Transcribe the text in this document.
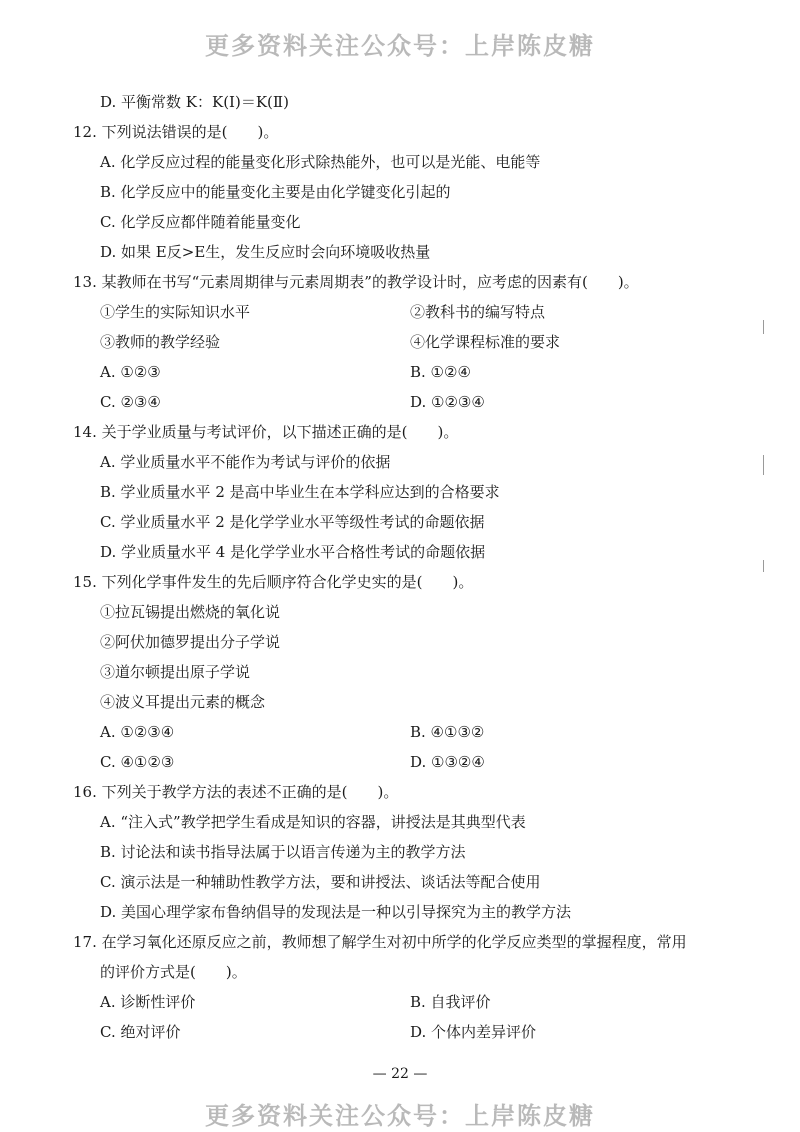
更多资料关注公众号：上岸陈皮糖
D. 平衡常数 K：K(Ⅰ)＝K(Ⅱ)
12. 下列说法错误的是(　　)。
A. 化学反应过程的能量变化形式除热能外，也可以是光能、电能等
B. 化学反应中的能量变化主要是由化学键变化引起的
C. 化学反应都伴随着能量变化
D. 如果 E反>E生，发生反应时会向环境吸收热量
13. 某教师在书写“元素周期律与元素周期表”的教学设计时，应考虑的因素有(　　)。
①学生的实际知识水平	②教科书的编写特点
③教师的教学经验	④化学课程标准的要求
A. ①②③	B. ①②④
C. ②③④	D. ①②③④
14. 关于学业质量与考试评价，以下描述正确的是(　　)。
A. 学业质量水平不能作为考试与评价的依据
B. 学业质量水平 2 是高中毕业生在本学科应达到的合格要求
C. 学业质量水平 2 是化学学业水平等级性考试的命题依据
D. 学业质量水平 4 是化学学业水平合格性考试的命题依据
15. 下列化学事件发生的先后顺序符合化学史实的是(　　)。
①拉瓦锡提出燃烧的氧化说
②阿伏加德罗提出分子学说
③道尔顿提出原子学说
④波义耳提出元素的概念
A. ①②③④	B. ④①③②
C. ④①②③	D. ①③②④
16. 下列关于教学方法的表述不正确的是(　　)。
A. “注入式”教学把学生看成是知识的容器，讲授法是其典型代表
B. 讨论法和读书指导法属于以语言传递为主的教学方法
C. 演示法是一种辅助性教学方法，要和讲授法、谈话法等配合使用
D. 美国心理学家布鲁纳倡导的发现法是一种以引导探究为主的教学方法
17. 在学习氧化还原反应之前，教师想了解学生对初中所学的化学反应类型的掌握程度，常用
的评价方式是(　　)。
A. 诊断性评价	B. 自我评价
C. 绝对评价	D. 个体内差异评价
— 22 —
更多资料关注公众号：上岸陈皮糖
